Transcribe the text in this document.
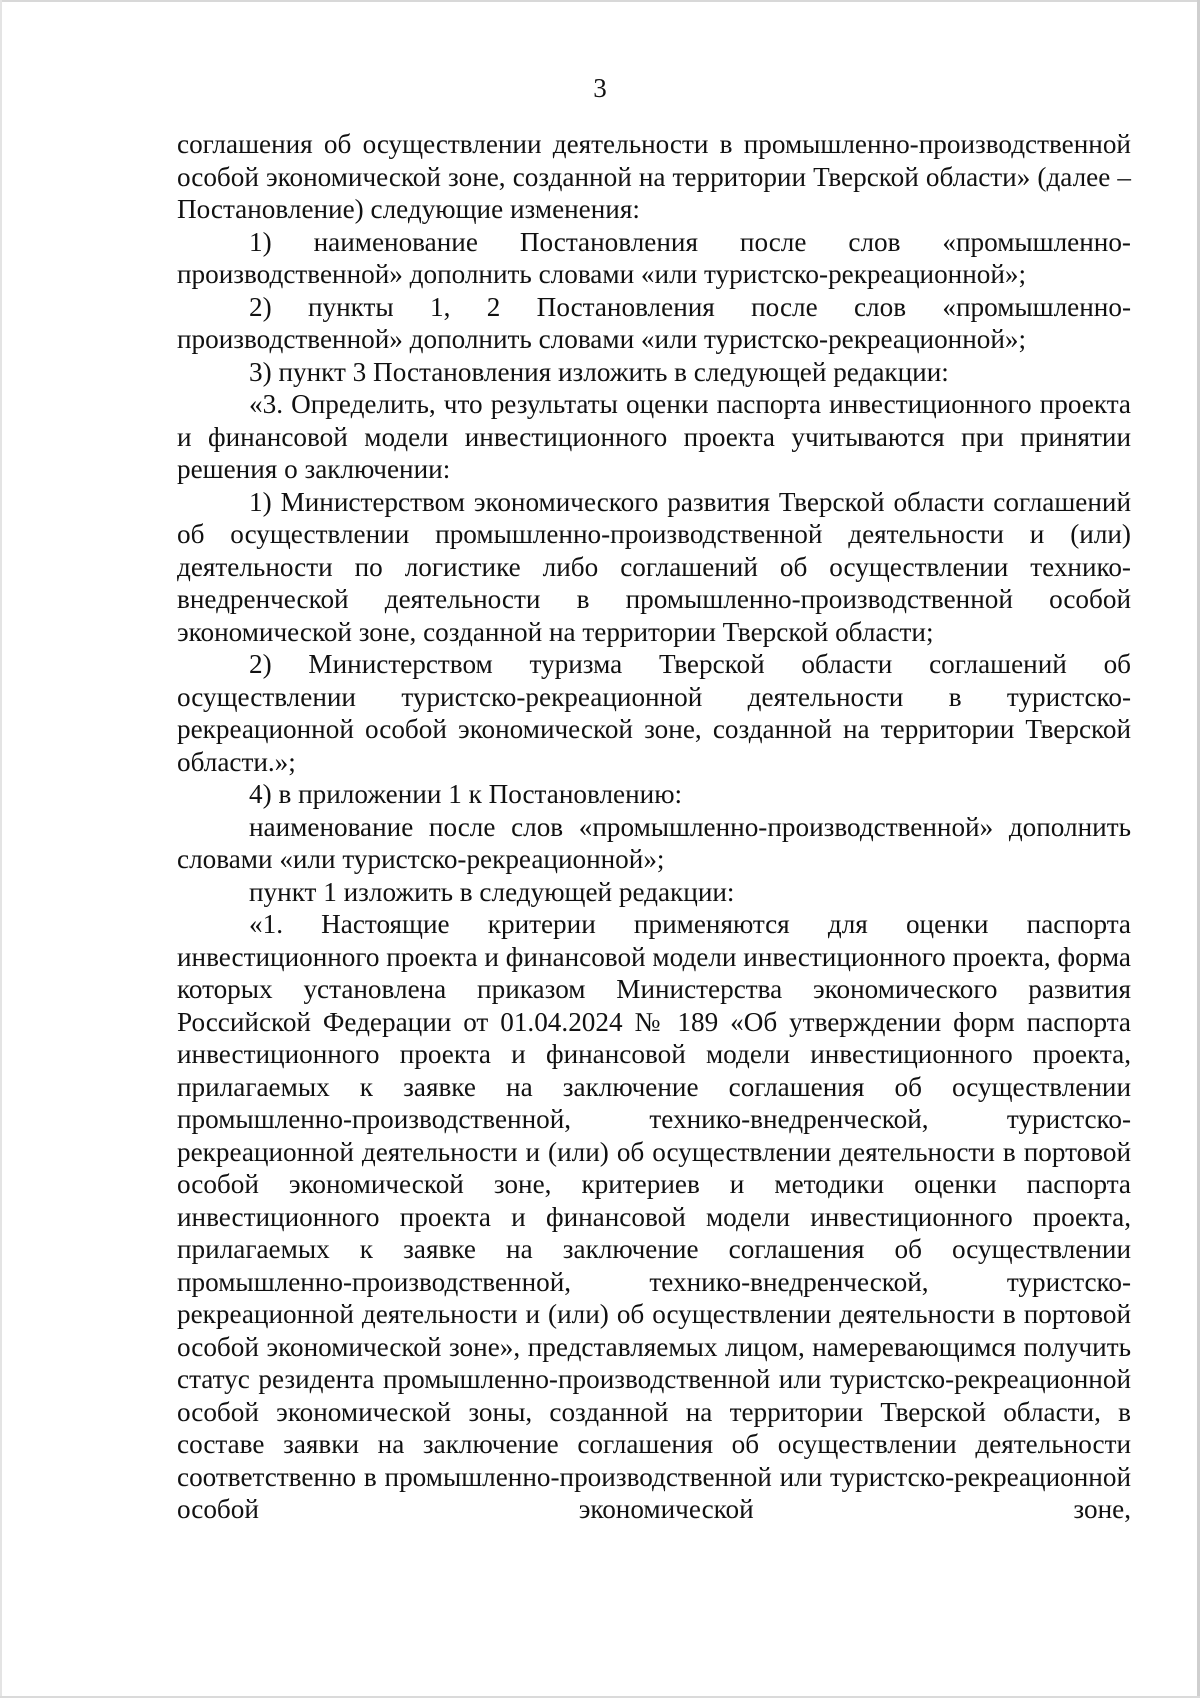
3

соглашения об осуществлении деятельности в промышленно-производственной особой экономической зоне, созданной на территории Тверской области» (далее – Постановление) следующие изменения:

1) наименование Постановления после слов «промышленно-производственной» дополнить словами «или туристско-рекреационной»;

2) пункты 1, 2 Постановления после слов «промышленно-производственной» дополнить словами «или туристско-рекреационной»;

3) пункт 3 Постановления изложить в следующей редакции:

«3. Определить, что результаты оценки паспорта инвестиционного проекта и финансовой модели инвестиционного проекта учитываются при принятии решения о заключении:

1) Министерством экономического развития Тверской области соглашений об осуществлении промышленно-производственной деятельности и (или) деятельности по логистике либо соглашений об осуществлении технико-внедренческой деятельности в промышленно-производственной особой экономической зоне, созданной на территории Тверской области;

2) Министерством туризма Тверской области соглашений об осуществлении туристско-рекреационной деятельности в туристско-рекреационной особой экономической зоне, созданной на территории Тверской области.»;

4) в приложении 1 к Постановлению:

наименование после слов «промышленно-производственной» дополнить словами «или туристско-рекреационной»;

пункт 1 изложить в следующей редакции:

«1. Настоящие критерии применяются для оценки паспорта инвестиционного проекта и финансовой модели инвестиционного проекта, форма которых установлена приказом Министерства экономического развития Российской Федерации от 01.04.2024 № 189 «Об утверждении форм паспорта инвестиционного проекта и финансовой модели инвестиционного проекта, прилагаемых к заявке на заключение соглашения об осуществлении промышленно-производственной, технико-внедренческой, туристско-рекреационной деятельности и (или) об осуществлении деятельности в портовой особой экономической зоне, критериев и методики оценки паспорта инвестиционного проекта и финансовой модели инвестиционного проекта, прилагаемых к заявке на заключение соглашения об осуществлении промышленно-производственной, технико-внедренческой, туристско-рекреационной деятельности и (или) об осуществлении деятельности в портовой особой экономической зоне», представляемых лицом, намеревающимся получить статус резидента промышленно-производственной или туристско-рекреационной особой экономической зоны, созданной на территории Тверской области, в составе заявки на заключение соглашения об осуществлении деятельности соответственно в промышленно-производственной или туристско-рекреационной особой экономической зоне,
